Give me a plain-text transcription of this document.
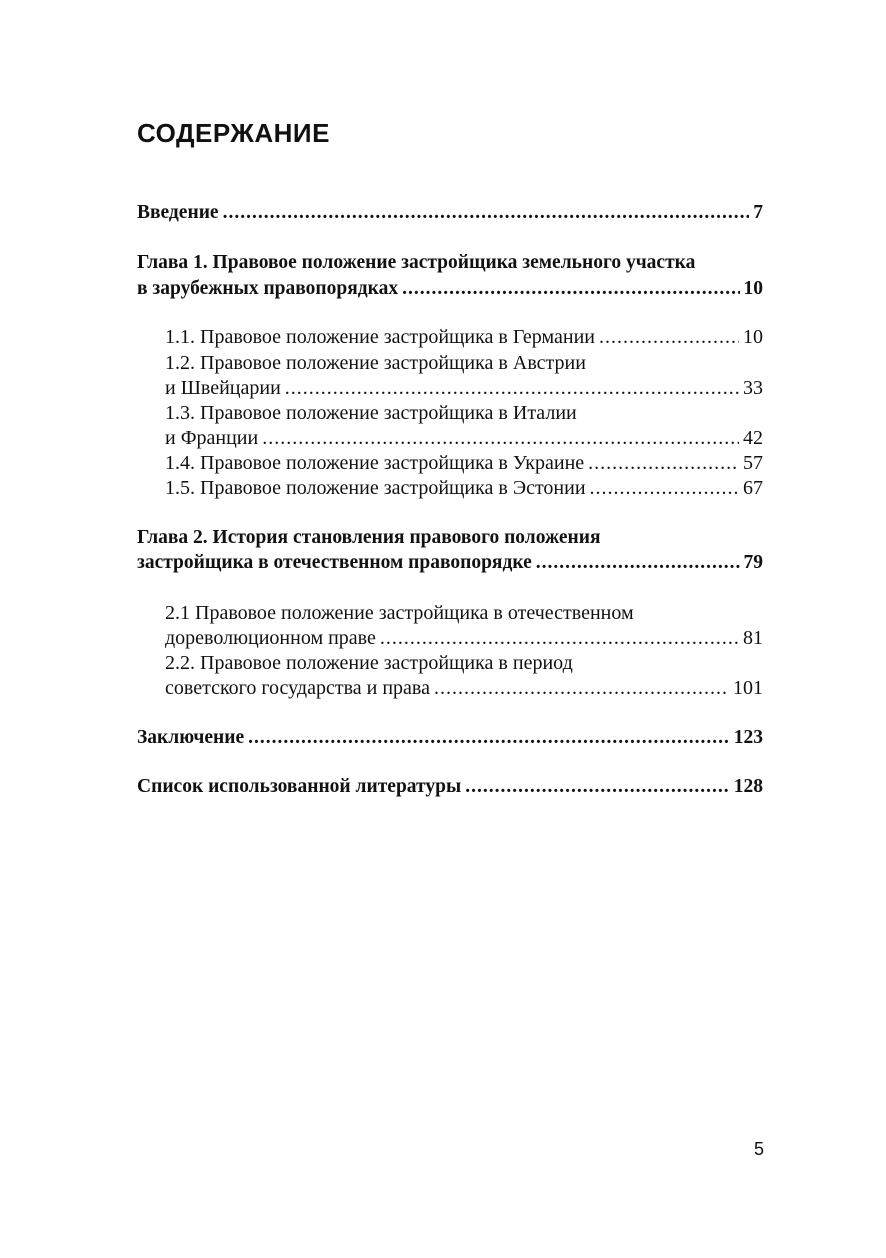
СОДЕРЖАНИЕ
Введение .....	7
Глава 1. Правовое положение застройщика земельного участка
в зарубежных правопорядках .....	10
1.1. Правовое положение застройщика в Германии .....	10
1.2. Правовое положение застройщика в Австрии
и Швейцарии .....	33
1.3. Правовое положение застройщика в Италии
и Франции .....	42
1.4. Правовое положение застройщика в Украине .....	57
1.5. Правовое положение застройщика в Эстонии .....	67
Глава 2. История становления правового положения
застройщика в отечественном правопорядке .....	79
2.1 Правовое положение застройщика в отечественном
дореволюционном праве .....	81
2.2. Правовое положение застройщика в период
советского государства и права .....	101
Заключение .....	123
Список использованной литературы .....	128
5
